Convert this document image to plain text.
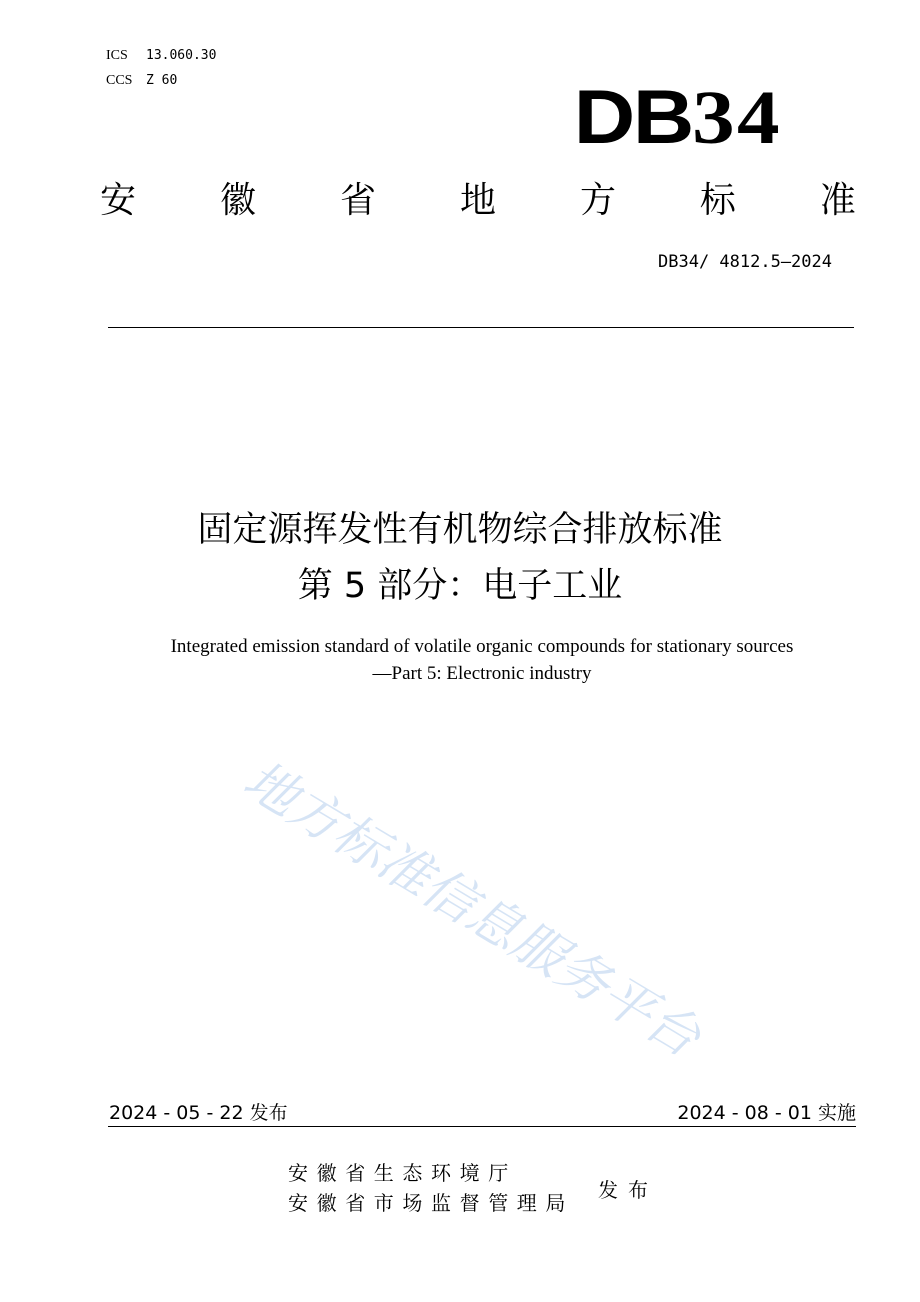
ICS 13.060.30
CCS Z 60	DB34
安 徽 省 地 方 标 准
DB34/ 4812.5—2024
固定源挥发性有机物综合排放标准
第 5 部分：电子工业
Integrated emission standard of volatile organic compounds for stationary sources
—Part 5: Electronic industry
地方标准信息服务平台
2024 - 05 - 22 发布	2024 - 08 - 01 实施
安徽省生态环境厅
安徽省市场监督管理局
发布
